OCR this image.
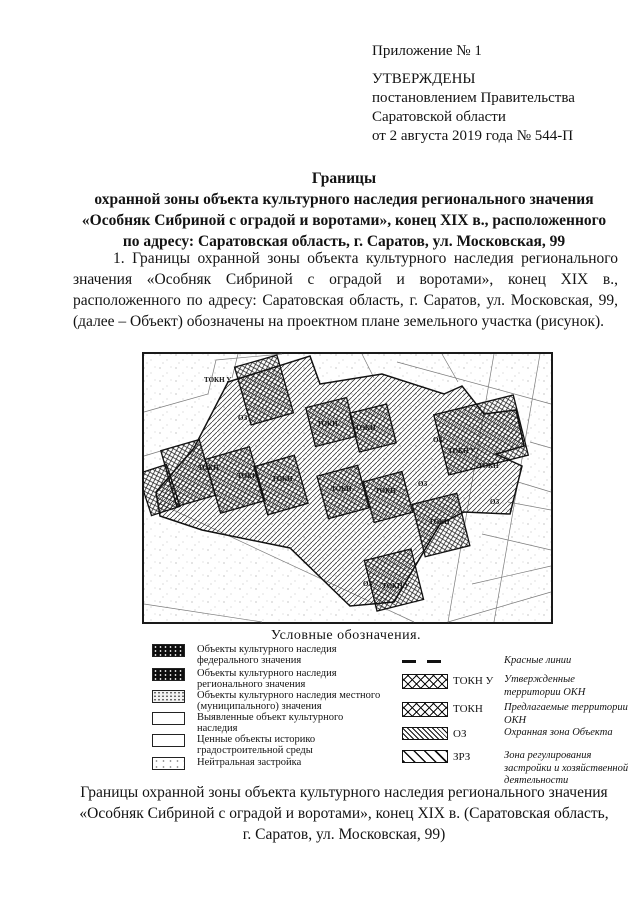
Приложение № 1
УТВЕРЖДЕНЫ
постановлением Правительства
Саратовской области
от 2 августа 2019 года № 544-П
Границы
охранной зоны объекта культурного наследия регионального значения
«Особняк Сибриной с оградой и воротами», конец XIX в., расположенного
по адресу: Саратовская область, г. Саратов, ул. Московская, 99
1. Границы охранной зоны объекта культурного наследия регионального значения «Особняк Сибриной с оградой и воротами», конец XIX в., расположенного по адресу: Саратовская область, г. Саратов, ул. Московская, 99, (далее – Объект) обозначены на проектном плане земельного участка (рисунок).
ТОКН У
ОЗ
ТОКН ТОКН
ОЗ
ТОКН У
ТОКН
ТОКН
ТОКН ТОКН
ТОКН	ТОКН
ОЗ
ОЗ
ТОКН
ОЗ ТОКН У
Условные обозначения.
Объекты культурного наследия федерального значения
Объекты культурного наследия регионального значения
Объекты культурного наследия местного (муниципального) значения
Выявленные объект культурного наследия
Ценные объекты историко градостроительной среды
Нейтральная застройка
Красные линии
ТОКН У	Утвержденные территории ОКН
ТОКН	Предлагаемые территории ОКН
ОЗ	Охранная зона Объекта
ЗРЗ	Зона регулирования застройки и хозяйственной деятельности
Границы охранной зоны объекта культурного наследия регионального значения
«Особняк Сибриной с оградой и воротами», конец XIX в. (Саратовская область,
г. Саратов, ул. Московская, 99)
